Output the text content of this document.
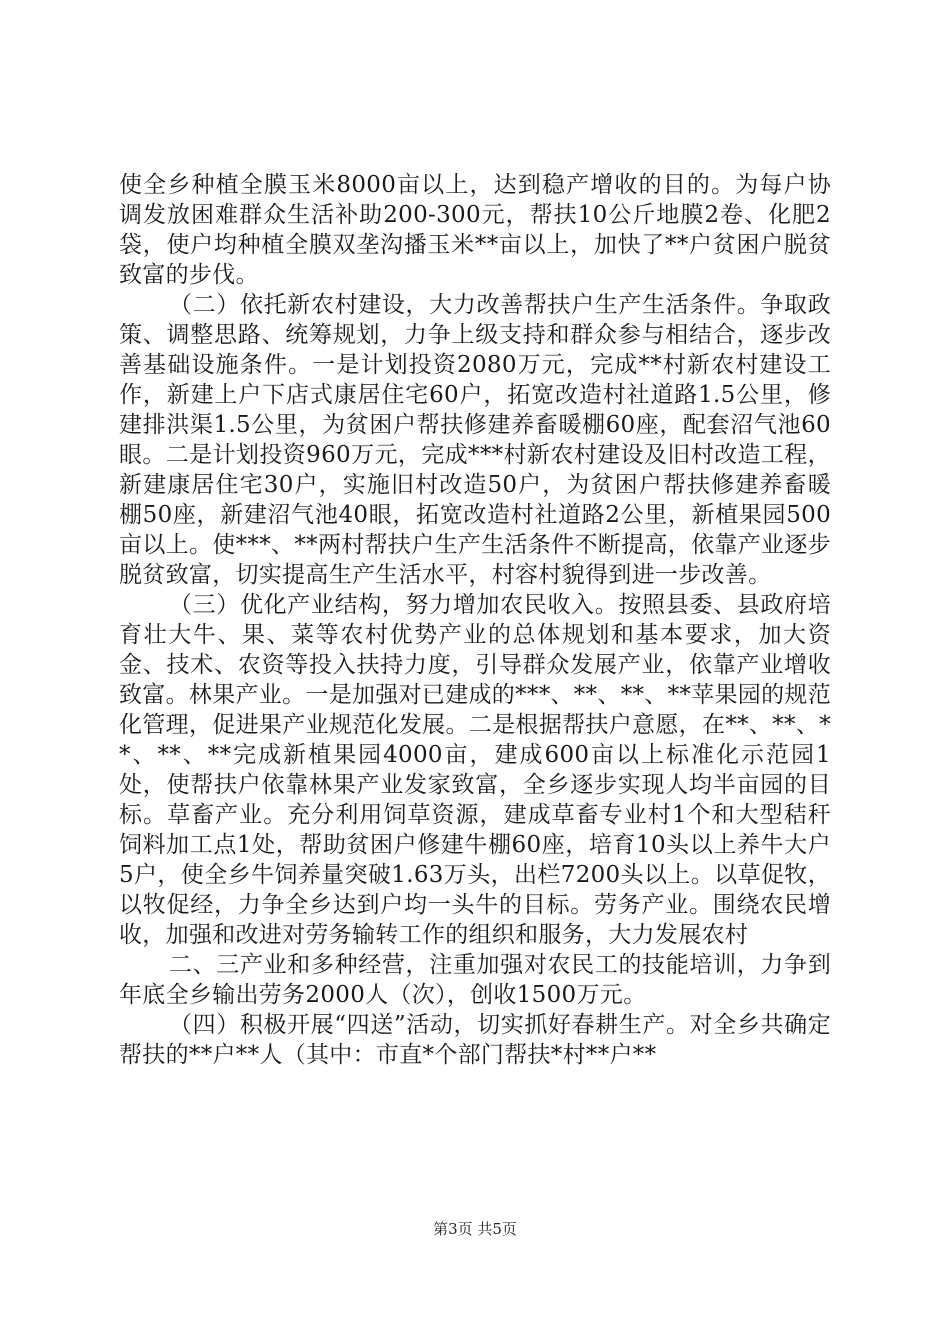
使全乡种植全膜玉米8000亩以上，达到稳产增收的目的。为每户协调发放困难群众生活补助200-300元，帮扶10公斤地膜2卷、化肥2袋，使户均种植全膜双垄沟播玉米**亩以上，加快了**户贫困户脱贫致富的步伐。

（二）依托新农村建设，大力改善帮扶户生产生活条件。争取政策、调整思路、统筹规划，力争上级支持和群众参与相结合，逐步改善基础设施条件。一是计划投资2080万元，完成**村新农村建设工作，新建上户下店式康居住宅60户，拓宽改造村社道路1.5公里，修建排洪渠1.5公里，为贫困户帮扶修建养畜暖棚60座，配套沼气池60眼。二是计划投资960万元，完成***村新农村建设及旧村改造工程，新建康居住宅30户，实施旧村改造50户，为贫困户帮扶修建养畜暖棚50座，新建沼气池40眼，拓宽改造村社道路2公里，新植果园500亩以上。使***、**两村帮扶户生产生活条件不断提高，依靠产业逐步脱贫致富，切实提高生产生活水平，村容村貌得到进一步改善。

（三）优化产业结构，努力增加农民收入。按照县委、县政府培育壮大牛、果、菜等农村优势产业的总体规划和基本要求，加大资金、技术、农资等投入扶持力度，引导群众发展产业，依靠产业增收致富。林果产业。一是加强对已建成的***、**、**、**苹果园的规范化管理，促进果产业规范化发展。二是根据帮扶户意愿，在**、**、**、**、**完成新植果园4000亩，建成600亩以上标准化示范园1处，使帮扶户依靠林果产业发家致富，全乡逐步实现人均半亩园的目标。草畜产业。充分利用饲草资源，建成草畜专业村1个和大型秸秆饲料加工点1处，帮助贫困户修建牛棚60座，培育10头以上养牛大户5户，使全乡牛饲养量突破1.63万头，出栏7200头以上。以草促牧，以牧促经，力争全乡达到户均一头牛的目标。劳务产业。围绕农民增收，加强和改进对劳务输转工作的组织和服务，大力发展农村

二、三产业和多种经营，注重加强对农民工的技能培训，力争到年底全乡输出劳务2000人（次），创收1500万元。

（四）积极开展“四送”活动，切实抓好春耕生产。对全乡共确定帮扶的**户**人（其中：市直*个部门帮扶*村**户**

第3页 共5页
